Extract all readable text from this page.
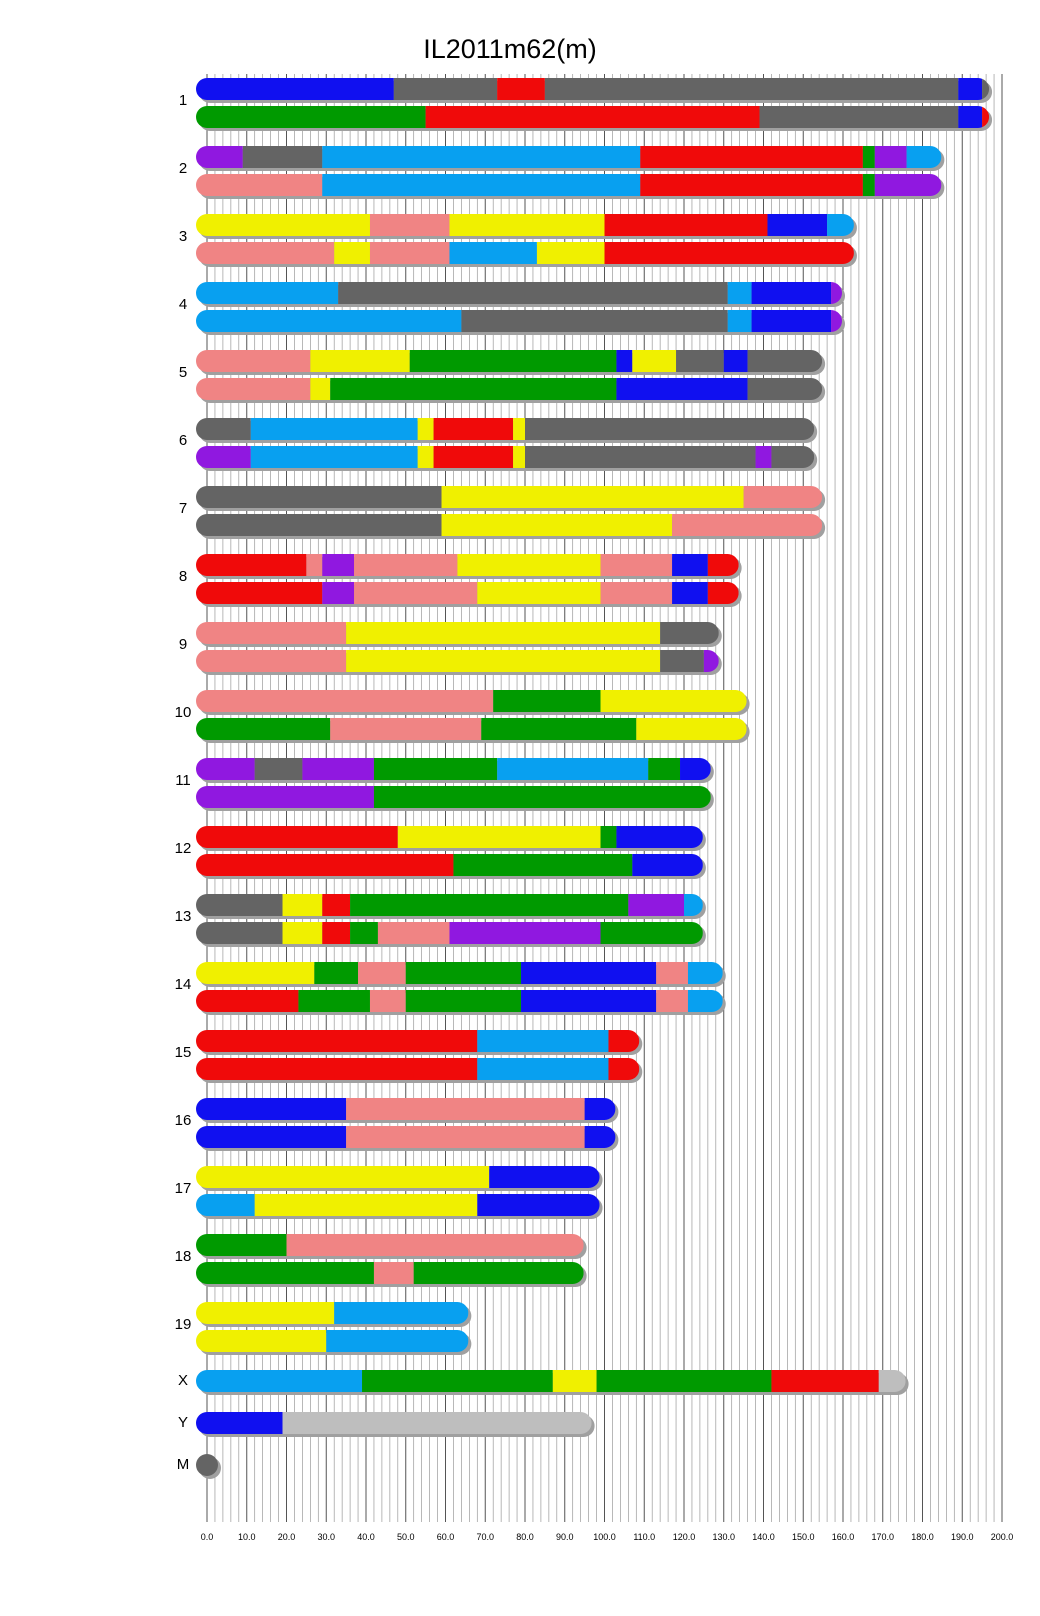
1
2
3
4
5
6
7
8
9
10
11
12
13
14
15
16
17
18
19
X
Y
M
0.0	10.0 20.0 30.0 40.0 50.0 60.0 70.0 80.0 90.0 100.0 110.0 120.0 130.0 140.0 150.0 160.0 170.0 180.0 190.0 200.0
IL2011m62(m)
